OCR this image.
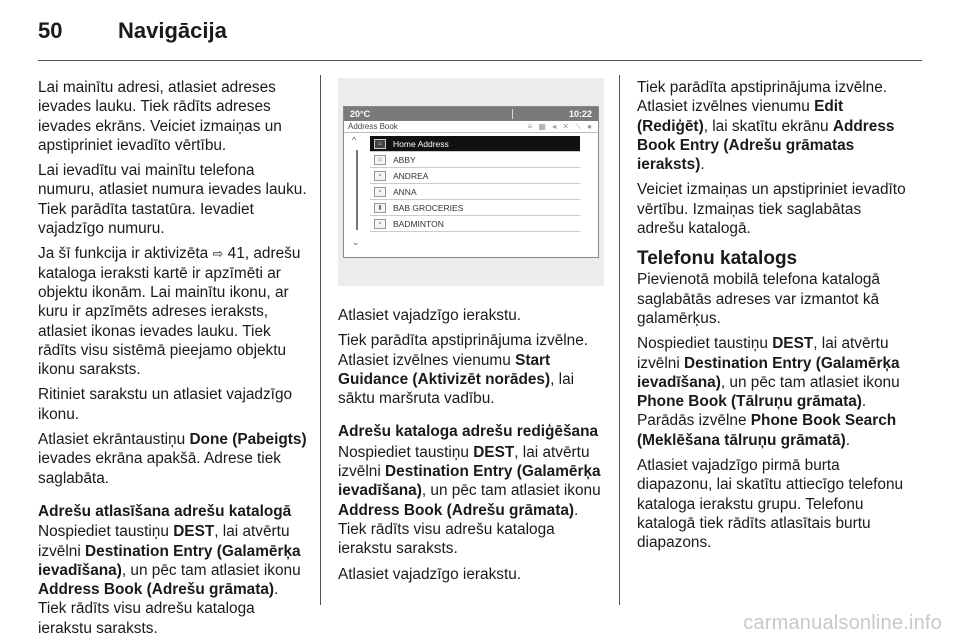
50	Navigācija

Lai mainītu adresi, atlasiet adreses ievades lauku. Tiek rādīts adreses ievades ekrāns. Veiciet izmaiņas un apstipriniet ievadīto vērtību.

Lai ievadītu vai mainītu telefona numuru, atlasiet numura ievades lauku. Tiek parādīta tastatūra. Ievadiet vajadzīgo numuru.

Ja šī funkcija ir aktivizēta ⇨ 41, adrešu kataloga ieraksti kartē ir apzīmēti ar objektu ikonām. Lai mainītu ikonu, ar kuru ir apzīmēts adreses ieraksts, atlasiet ikonas ievades lauku. Tiek rādīts visu sistēmā pieejamo objektu ikonu saraksts.

Ritiniet sarakstu un atlasiet vajadzīgo ikonu.

Atlasiet ekrāntaustiņu Done (Pabeigts) ievades ekrāna apakšā. Adrese tiek saglabāta.

Adrešu atlasīšana adrešu katalogā

Nospiediet taustiņu DEST, lai atvērtu izvēlni Destination Entry (Galamērķa ievadīšana), un pēc tam atlasiet ikonu Address Book (Adrešu grāmata). Tiek rādīts visu adrešu kataloga ierakstu saraksts.

20°C	10:22
Address Book	≡ ▦ ◂ ✕ ⟍ ●
^
⌄
⌂	Home Address
☺	ABBY
▪	ANDREA
▪	ANNA
▮	BAB GROCERIES
▪	BADMINTON

Atlasiet vajadzīgo ierakstu.

Tiek parādīta apstiprinājuma izvēlne. Atlasiet izvēlnes vienumu Start Guidance (Aktivizēt norādes), lai sāktu maršruta vadību.

Adrešu kataloga adrešu rediģēšana

Nospiediet taustiņu DEST, lai atvērtu izvēlni Destination Entry (Galamērķa ievadīšana), un pēc tam atlasiet ikonu Address Book (Adrešu grāmata). Tiek rādīts visu adrešu kataloga ierakstu saraksts.

Atlasiet vajadzīgo ierakstu.

Tiek parādīta apstiprinājuma izvēlne. Atlasiet izvēlnes vienumu Edit (Rediģēt), lai skatītu ekrānu Address Book Entry (Adrešu grāmatas ieraksts).

Veiciet izmaiņas un apstipriniet ievadīto vērtību. Izmaiņas tiek saglabātas adrešu katalogā.

Telefonu katalogs

Pievienotā mobilā telefona katalogā saglabātās adreses var izmantot kā galamērķus.

Nospiediet taustiņu DEST, lai atvērtu izvēlni Destination Entry (Galamērķa ievadīšana), un pēc tam atlasiet ikonu Phone Book (Tālruņu grāmata). Parādās izvēlne Phone Book Search (Meklēšana tālruņu grāmatā).

Atlasiet vajadzīgo pirmā burta diapazonu, lai skatītu attiecīgo telefonu kataloga ierakstu grupu. Telefonu katalogā tiek rādīts atlasītais burtu diapazons.

carmanualsonline.info
